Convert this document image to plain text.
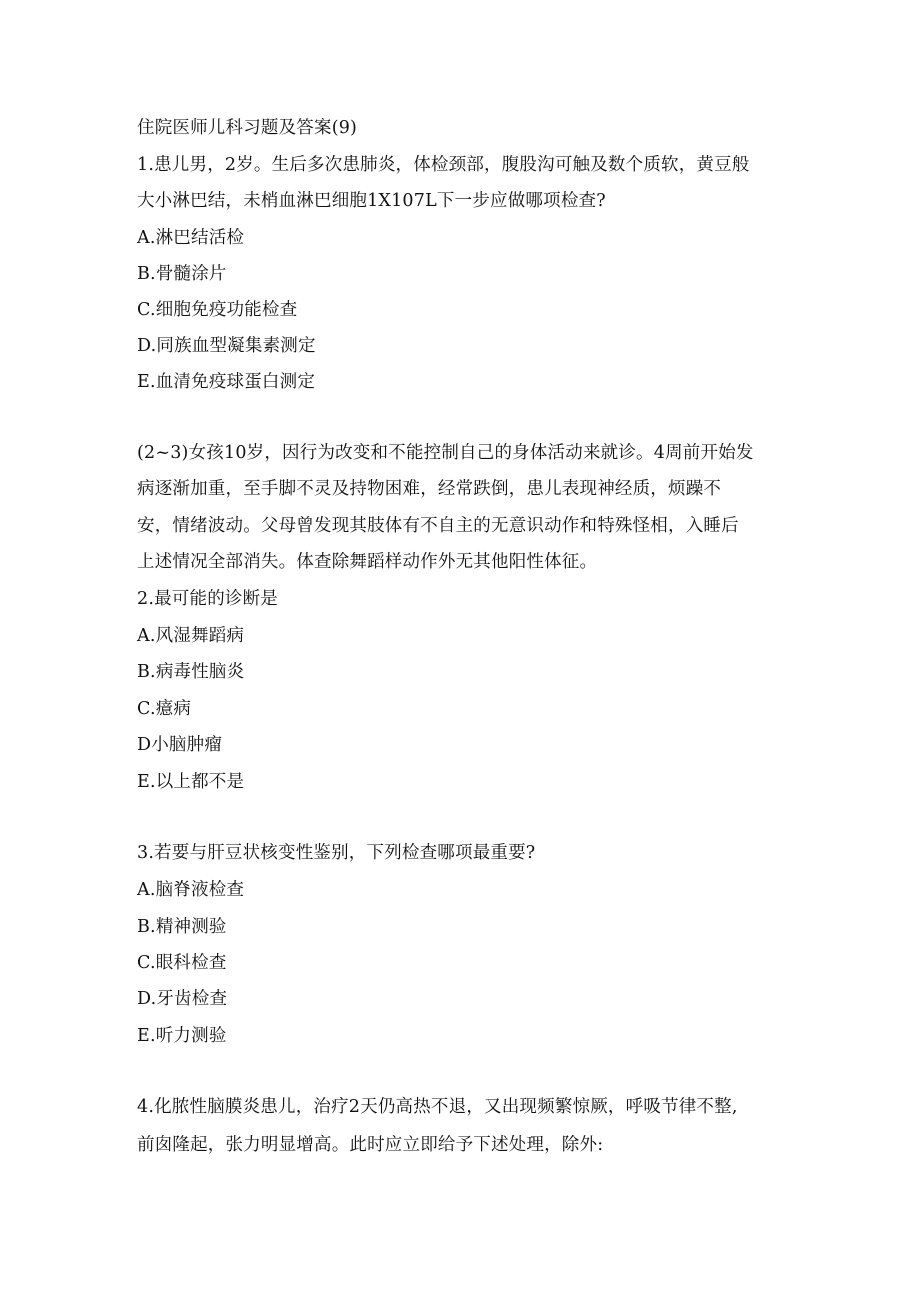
住院医师儿科习题及答案(9)
1.患儿男，2岁。生后多次患肺炎，体检颈部，腹股沟可触及数个质软，黄豆般
大小淋巴结，未梢血淋巴细胞1X107L下一步应做哪项检查?
A.淋巴结活检
B.骨髓涂片
C.细胞免疫功能检查
D.同族血型凝集素测定
E.血清免疫球蛋白测定
(2~3)女孩10岁，因行为改变和不能控制自己的身体活动来就诊。4周前开始发
病逐渐加重，至手脚不灵及持物困难，经常跌倒，患儿表现神经质，烦躁不
安，情绪波动。父母曾发现其肢体有不自主的无意识动作和特殊怪相，入睡后
上述情况全部消失。体查除舞蹈样动作外无其他阳性体征。
2.最可能的诊断是
A.风湿舞蹈病
B.病毒性脑炎
C.癔病
D小脑肿瘤
E.以上都不是
3.若要与肝豆状核变性鉴别，下列检查哪项最重要?
A.脑脊液检查
B.精神测验
C.眼科检查
D.牙齿检查
E.听力测验
4.化脓性脑膜炎患儿，治疗2天仍高热不退，又出现频繁惊厥，呼吸节律不整,
前囱隆起，张力明显增高。此时应立即给予下述处理，除外:
